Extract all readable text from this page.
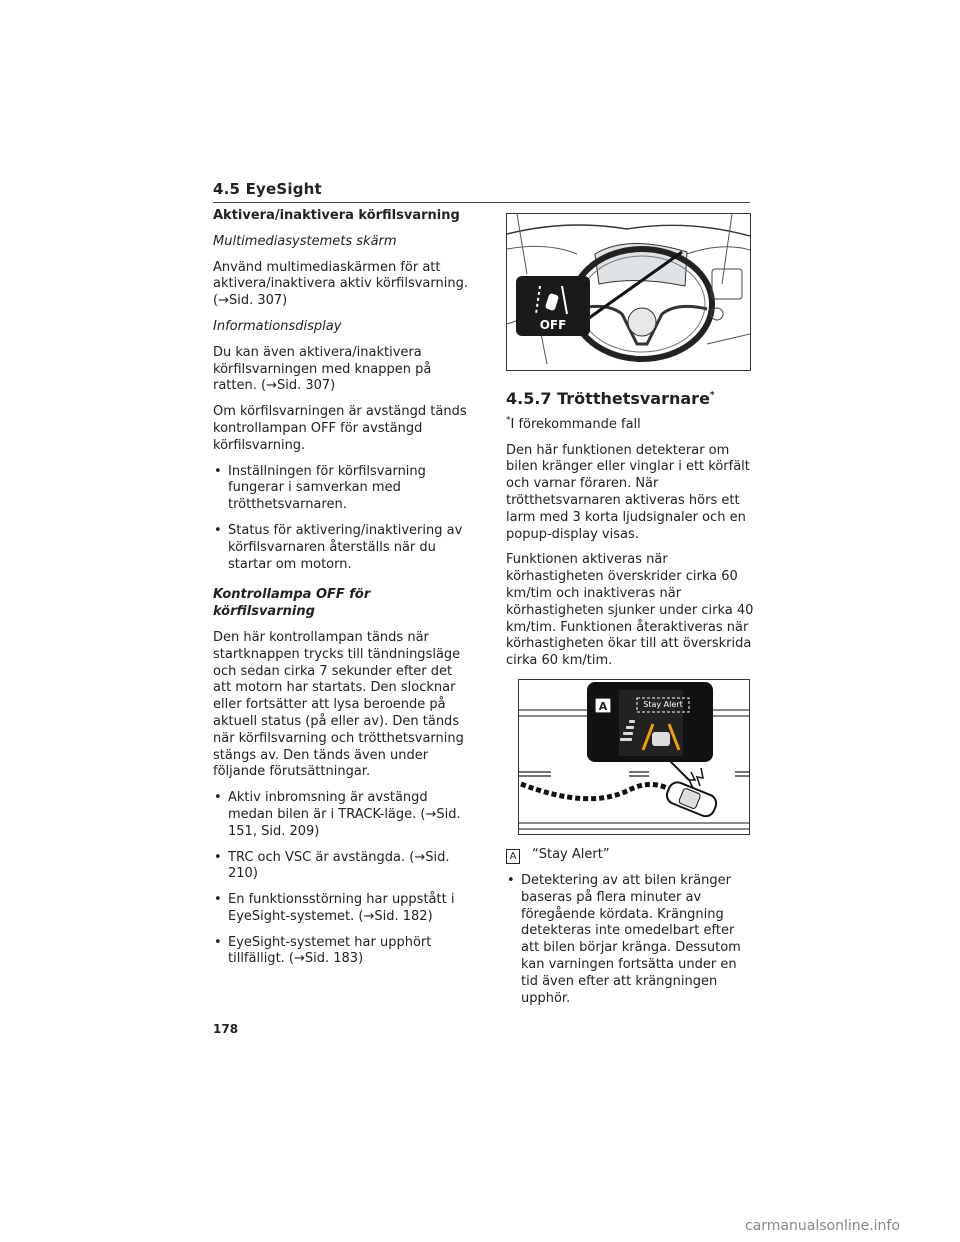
4.5 EyeSight
Aktivera/inaktivera körfilsvarning
Multimediasystemets skärm

Använd multimediaskärmen för att aktivera/inaktivera aktiv körfilsvarning. (→Sid. 307)

Informationsdisplay

Du kan även aktivera/inaktivera körfilsvarningen med knappen på ratten. (→Sid. 307)

Om körfilsvarningen är avstängd tänds kontrollampan OFF för avstängd körfilsvarning.

• Inställningen för körfilsvarning fungerar i samverkan med trötthetsvarnaren.
• Status för aktivering/inaktivering av körfilsvarnaren återställs när du startar om motorn.
Kontrollampa OFF för körfilsvarning

Den här kontrollampan tänds när startknappen trycks till tändningsläge och sedan cirka 7 sekunder efter det att motorn har startats. Den slocknar eller fortsätter att lysa beroende på aktuell status (på eller av). Den tänds när körfilsvarning och trötthetsvarning stängs av. Den tänds även under följande förutsättningar.

• Aktiv inbromsning är avstängd medan bilen är i TRACK-läge. (→Sid. 151, Sid. 209)
• TRC och VSC är avstängda. (→Sid. 210)
• En funktionsstörning har uppstått i EyeSight-systemet. (→Sid. 182)
• EyeSight-systemet har upphört tillfälligt. (→Sid. 183)
OFF
4.5.7 Trötthetsvarnare*

*I förekommande fall

Den här funktionen detekterar om bilen kränger eller vinglar i ett körfält och varnar föraren. När trötthetsvarnaren aktiveras hörs ett larm med 3 korta ljudsignaler och en popup-display visas.

Funktionen aktiveras när körhastigheten överskrider cirka 60 km/tim och inaktiveras när körhastigheten sjunker under cirka 40 km/tim. Funktionen återaktiveras när körhastigheten ökar till att överskrida cirka 60 km/tim.

A	Stay Alert
A “Stay Alert”
• Detektering av att bilen kränger baseras på flera minuter av föregående kördata. Krängning detekteras inte omedelbart efter att bilen börjar kränga. Dessutom kan varningen fortsätta under en tid även efter att krängningen upphör.
178
carmanualsonline.info
